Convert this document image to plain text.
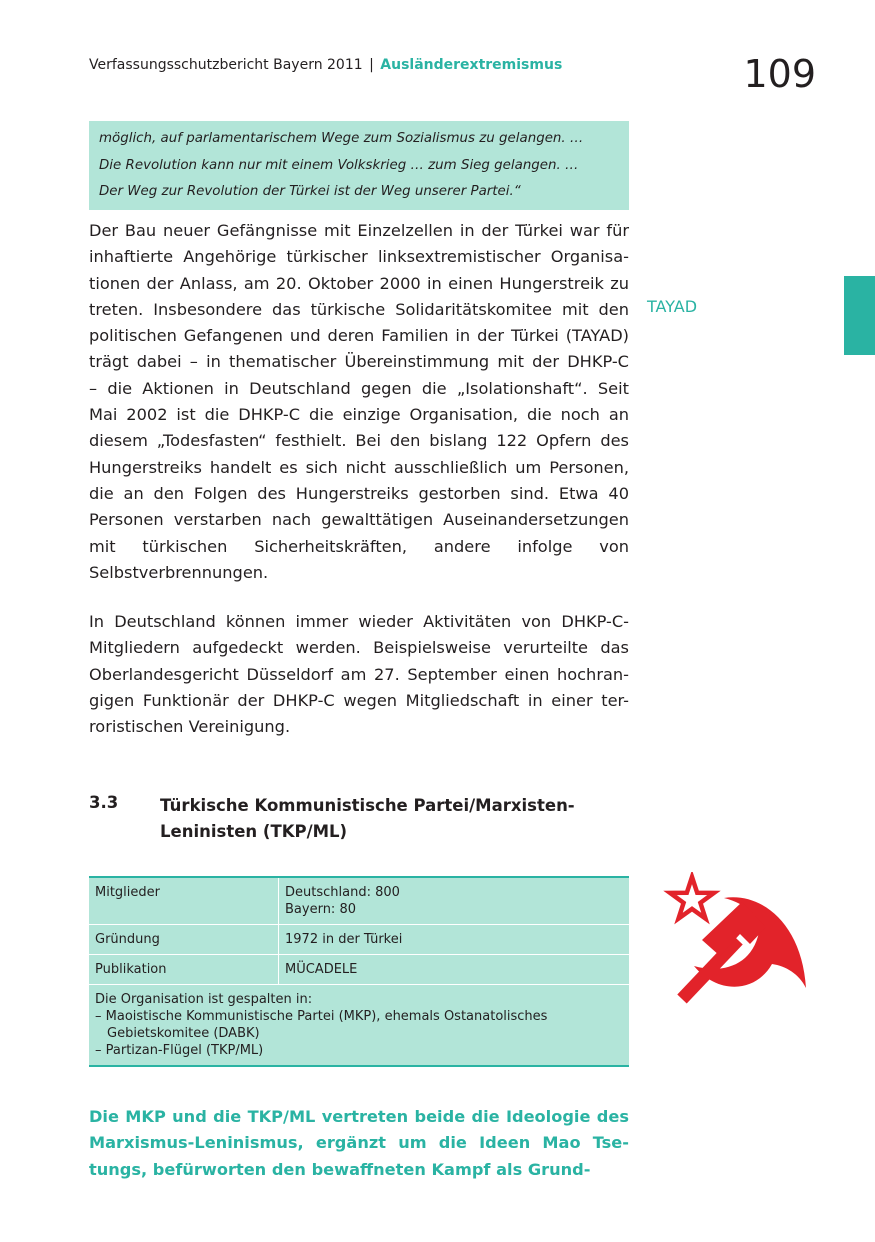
Verfassungsschutzbericht Bayern 2011 | Ausländerextremismus	109
möglich, auf parlamentarischem Wege zum Sozialismus zu gelangen. …
Die Revolution kann nur mit einem Volkskrieg … zum Sieg gelangen. …
Der Weg zur Revolution der Türkei ist der Weg unserer Partei.“

Der Bau neuer Gefängnisse mit Einzelzellen in der Türkei war für inhaftierte Angehörige türkischer linksextremistischer Organisa- tionen der Anlass, am 20. Oktober 2000 in einen Hungerstreik zu treten. Insbesondere das türkische Solidaritätskomitee mit den politischen Gefangenen und deren Familien in der Türkei (TAYAD) trägt dabei – in thematischer Übereinstimmung mit der DHKP-C – die Aktionen in Deutschland gegen die „Isolationshaft“. Seit Mai 2002 ist die DHKP-C die einzige Organisation, die noch an diesem „Todesfasten“ festhielt. Bei den bislang 122 Opfern des Hungerstreiks handelt es sich nicht ausschließlich um Personen, die an den Folgen des Hungerstreiks gestorben sind. Etwa 40 Personen verstarben nach gewalttätigen Auseinandersetzungen mit türkischen Sicherheitskräften, andere infolge von Selbstverbrennungen.

TAYAD

In Deutschland können immer wieder Aktivitäten von DHKP-C- Mitgliedern aufgedeckt werden. Beispielsweise verurteilte das Oberlandesgericht Düsseldorf am 27. September einen hochran- gigen Funktionär der DHKP-C wegen Mitgliedschaft in einer ter- roristischen Vereinigung.

3.3	Türkische Kommunistische Partei/Marxisten-
Leninisten (TKP/ML)
Mitglieder	Deutschland: 800
Bayern: 80

Gründung	1972 in der Türkei
Publikation	MÜCADELE

Die Organisation ist gespalten in:
– Maoistische Kommunistische Partei (MKP), ehemals Ostanatolisches
Gebietskomitee (DABK)
– Partizan-Flügel (TKP/ML)	

Die MKP und die TKP/ML vertreten beide die Ideologie des Marxismus-Leninismus, ergänzt um die Ideen Mao Tse- tungs, befürworten den bewaffneten Kampf als Grund-
